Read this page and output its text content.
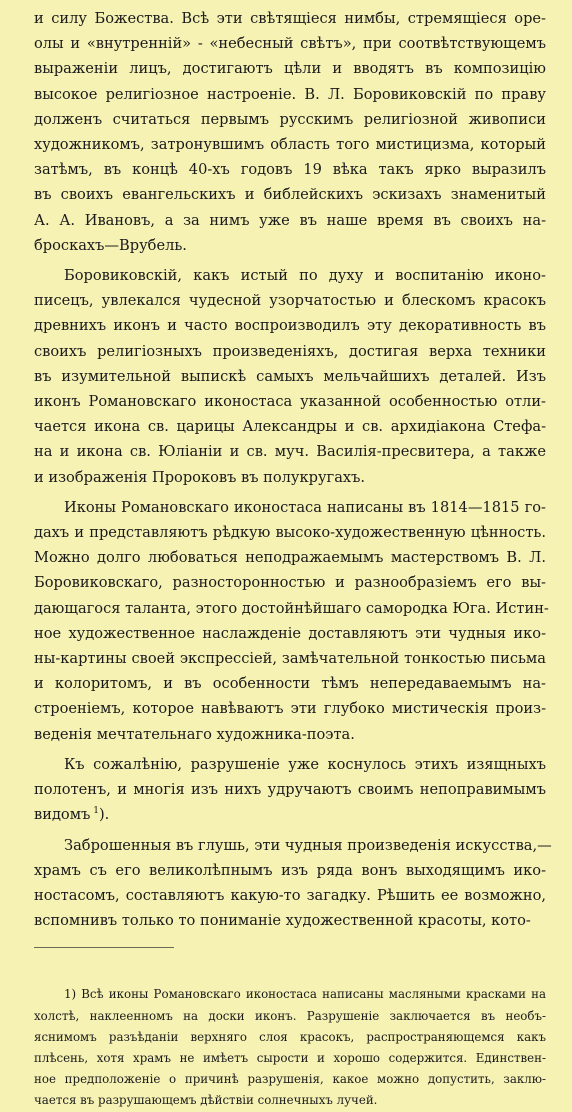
и силу Божества. Всѣ эти свѣтящiеся нимбы, стремящiеся оре-
олы и «внутреннiй» - «небесный свѣтъ», при соотвѣтствующемъ
выраженiи лицъ, достигаютъ цѣли и вводятъ въ композицiю
высокое религiозное настроенiе. В. Л. Боровиковскiй по праву
долженъ считаться первымъ русскимъ религiозной живописи
художникомъ, затронувшимъ область того мистицизма, который
затѣмъ, въ концѣ 40-хъ годовъ 19 вѣка такъ ярко выразилъ
въ своихъ евангельскихъ и библейскихъ эскизахъ знаменитый
А. А. Ивановъ, а за нимъ уже въ наше время въ своихъ на-
броскахъ—Врубель.
Боровиковскiй, какъ истый по духу и воспитанiю иконо-
писецъ, увлекался чудесной узорчатостью и блескомъ красокъ
древнихъ иконъ и часто воспроизводилъ эту декоративность въ
своихъ религiозныхъ произведенiяхъ, достигая верха техники
въ изумительной выпискѣ самыхъ мельчайшихъ деталей. Изъ
иконъ Романовскаго иконостаса указанной особенностью отли-
чается икона св. царицы Александры и св. архидiакона Стефа-
на и икона св. Юлiанiи и св. муч. Василiя-пресвитера, а также
и изображенiя Пророковъ въ полукругахъ.
Иконы Романовскаго иконостаса написаны въ 1814—1815 го-
дахъ и представляютъ рѣдкую высоко-художественную цѣнность.
Можно долго любоваться неподражаемымъ мастерствомъ В. Л.
Боровиковскаго, разносторонностью и разнообразiемъ его вы-
дающагося таланта, этого достойнѣйшаго самородка Юга. Истин-
ное художественное наслажденiе доставляютъ эти чудныя ико-
ны-картины своей экспрессiей, замѣчательной тонкостью письма
и колоритомъ, и въ особенности тѣмъ непередаваемымъ на-
строенiемъ, которое навѣваютъ эти глубоко мистическiя произ-
веденiя мечтательнаго художника-поэта.
Къ сожалѣнiю, разрушенiе уже коснулось этихъ изящныхъ
полотенъ, и многiя изъ нихъ удручаютъ своимъ непоправимымъ
видомъ $^1$).
Заброшенныя въ глушь, эти чудныя произведенiя искусства,—
храмъ съ его великолѣпнымъ изъ ряда вонъ выходящимъ ико-
ностасомъ, составляютъ какую-то загадку. Рѣшить ее возможно,
вспомнивъ только то пониманiе художественной красоты, кото-
1) Всѣ иконы Романовскаго иконостаса написаны масляными красками на
холстѣ, наклеенномъ на доски иконъ. Разрушенiе заключается въ необъ-
яснимомъ разъѣданiи верхняго слоя красокъ, распространяющемся какъ
плѣсень, хотя храмъ не имѣетъ сырости и хорошо содержится. Единствен-
ное предположенiе о причинѣ разрушенiя, какое можно допустить, заклю-
чается въ разрушающемъ дѣйствiи солнечныхъ лучей.
